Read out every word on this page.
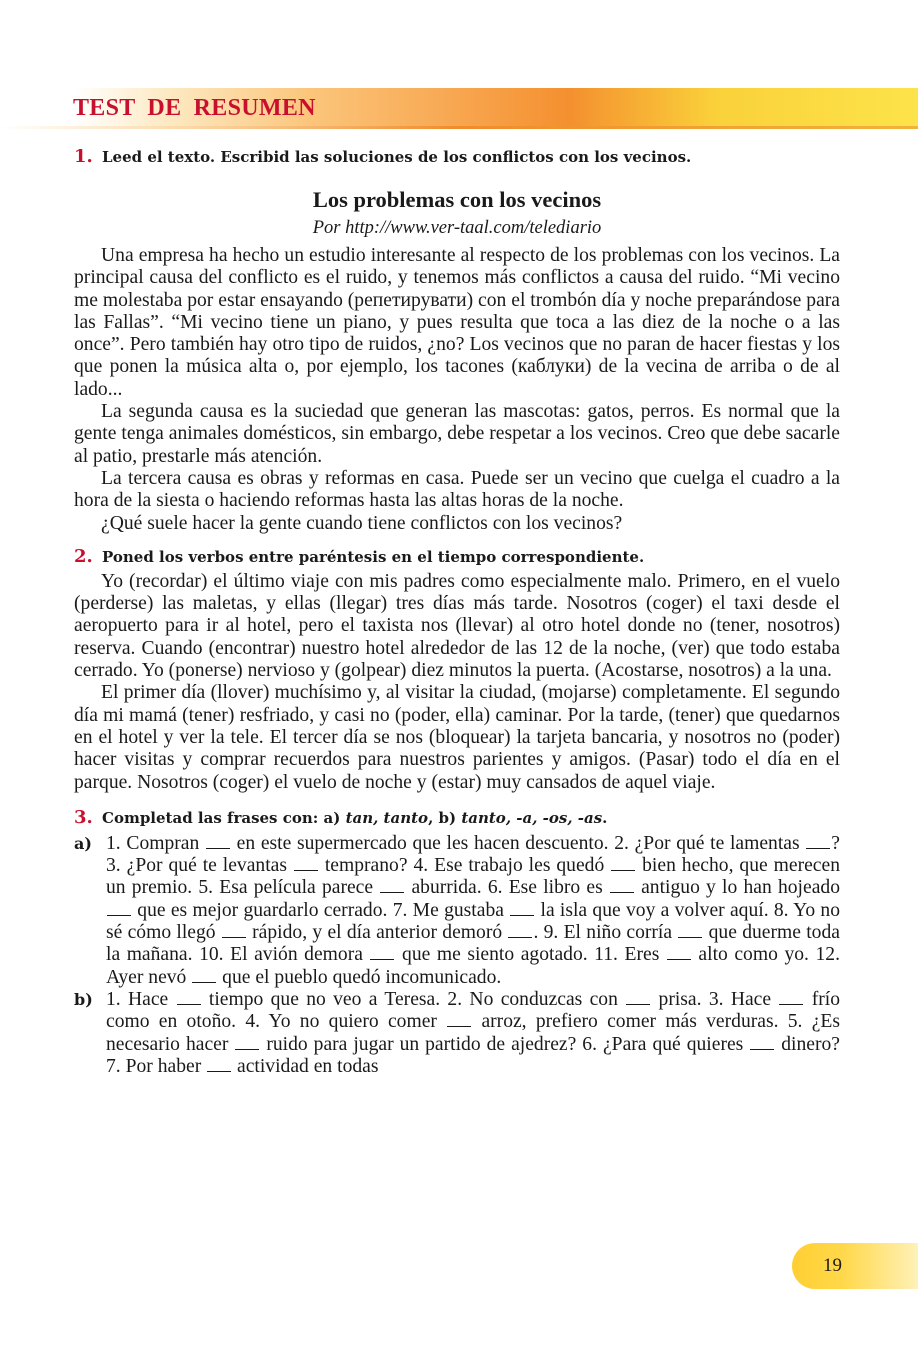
TEST DE RESUMEN
1. Leed el texto. Escribid las soluciones de los conflictos con los vecinos.
Los problemas con los vecinos
Por http://www.ver-taal.com/telediario

Una empresa ha hecho un estudio interesante al respecto de los problemas con los vecinos. La principal causa del conflicto es el ruido, y tenemos más conflictos a causa del ruido. “Mi vecino me molestaba por estar ensayando (репетирувати) con el trombón día y noche preparándose para las Fallas”. “Mi vecino tiene un piano, y pues resulta que toca a las diez de la noche o a las once”. Pero también hay otro tipo de ruidos, ¿no? Los vecinos que no paran de hacer fiestas y los que ponen la música alta o, por ejemplo, los tacones (каблуки) de la vecina de arriba o de al lado...

La segunda causa es la suciedad que generan las mascotas: gatos, perros. Es normal que la gente tenga animales domésticos, sin embargo, debe respetar a los vecinos. Creo que debe sacarle al patio, prestarle más atención.

La tercera causa es obras y reformas en casa. Puede ser un vecino que cuelga el cuadro a la hora de la siesta o haciendo reformas hasta las altas horas de la noche.

¿Qué suele hacer la gente cuando tiene conflictos con los vecinos?

2. Poned los verbos entre paréntesis en el tiempo correspondiente.

Yo (recordar) el último viaje con mis padres como especialmente malo. Primero, en el vuelo (perderse) las maletas, y ellas (llegar) tres días más tarde. Nosotros (coger) el taxi desde el aeropuerto para ir al hotel, pero el taxista nos (llevar) al otro hotel donde no (tener, nosotros) reserva. Cuando (encontrar) nuestro hotel alrededor de las 12 de la noche, (ver) que todo estaba cerrado. Yo (ponerse) nervioso y (golpear) diez minutos la puerta. (Acostarse, nosotros) a la una.

El primer día (llover) muchísimo y, al visitar la ciudad, (mojarse) completamente. El segundo día mi mamá (tener) resfriado, y casi no (poder, ella) caminar. Por la tarde, (tener) que quedarnos en el hotel y ver la tele. El tercer día se nos (bloquear) la tarjeta bancaria, y nosotros no (poder) hacer visitas y comprar recuerdos para nuestros parientes y amigos. (Pasar) todo el día en el parque. Nosotros (coger) el vuelo de noche y (estar) muy cansados de aquel viaje.

3. Completad las frases con: a) tan, tanto, b) tanto, -a, -os, -as.
a) 1. Compran  en este supermercado que les hacen descuento. 2. ¿Por qué te lamentas ? 3. ¿Por qué te levantas  temprano? 4. Ese trabajo les quedó  bien hecho, que merecen un premio. 5. Esa película parece  aburrida. 6. Ese libro es  antiguo y lo han hojeado  que es mejor guardarlo cerrado. 7. Me gustaba  la isla que voy a volver aquí. 8. Yo no sé cómo llegó  rápido, y el día anterior demoró . 9. El niño corría  que duerme toda la mañana. 10. El avión demora  que me siento agotado. 11. Eres  alto como yo. 12. Ayer nevó  que el pueblo quedó incomunicado.
b) 1. Hace  tiempo que no veo a Teresa. 2. No conduzcas con  prisa. 3. Hace  frío como en otoño. 4. Yo no quiero comer  arroz, prefiero comer más verduras. 5. ¿Es necesario hacer  ruido para jugar un partido de ajedrez? 6. ¿Para qué quieres  dinero? 7. Por haber  actividad en todas

19
